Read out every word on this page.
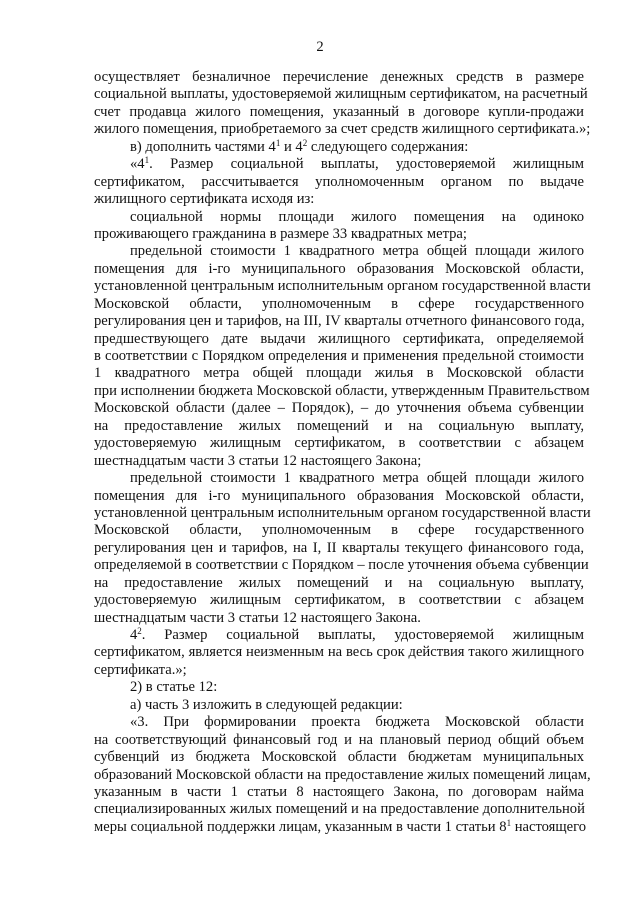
2
осуществляет безналичное перечисление денежных средств в размере
социальной выплаты, удостоверяемой жилищным сертификатом, на расчетный
счет продавца жилого помещения, указанный в договоре купли-продажи
жилого помещения, приобретаемого за счет средств жилищного сертификата.»;
в) дополнить частями $4^1$ и $4^2$ следующего содержания:
«$4^1$. Размер социальной выплаты, удостоверяемой жилищным
сертификатом, рассчитывается уполномоченным органом по выдаче
жилищного сертификата исходя из:
социальной нормы площади жилого помещения на одиноко
проживающего гражданина в размере 33 квадратных метра;
предельной стоимости 1 квадратного метра общей площади жилого
помещения для i-го муниципального образования Московской области,
установленной центральным исполнительным органом государственной власти
Московской области, уполномоченным в сфере государственного
регулирования цен и тарифов, на III, IV кварталы отчетного финансового года,
предшествующего дате выдачи жилищного сертификата, определяемой
в соответствии с Порядком определения и применения предельной стоимости
1 квадратного метра общей площади жилья в Московской области
при исполнении бюджета Московской области, утвержденным Правительством
Московской области (далее – Порядок), – до уточнения объема субвенции
на предоставление жилых помещений и на социальную выплату,
удостоверяемую жилищным сертификатом, в соответствии с абзацем
шестнадцатым части 3 статьи 12 настоящего Закона;
предельной стоимости 1 квадратного метра общей площади жилого
помещения для i-го муниципального образования Московской области,
установленной центральным исполнительным органом государственной власти
Московской области, уполномоченным в сфере государственного
регулирования цен и тарифов, на I, II кварталы текущего финансового года,
определяемой в соответствии с Порядком – после уточнения объема субвенции
на предоставление жилых помещений и на социальную выплату,
удостоверяемую жилищным сертификатом, в соответствии с абзацем
шестнадцатым части 3 статьи 12 настоящего Закона.
$4^2$. Размер социальной выплаты, удостоверяемой жилищным
сертификатом, является неизменным на весь срок действия такого жилищного
сертификата.»;
2) в статье 12:
а) часть 3 изложить в следующей редакции:
«3. При формировании проекта бюджета Московской области
на соответствующий финансовый год и на плановый период общий объем
субвенций из бюджета Московской области бюджетам муниципальных
образований Московской области на предоставление жилых помещений лицам,
указанным в части 1 статьи 8 настоящего Закона, по договорам найма
специализированных жилых помещений и на предоставление дополнительной
меры социальной поддержки лицам, указанным в части 1 статьи $8^1$ настоящего
